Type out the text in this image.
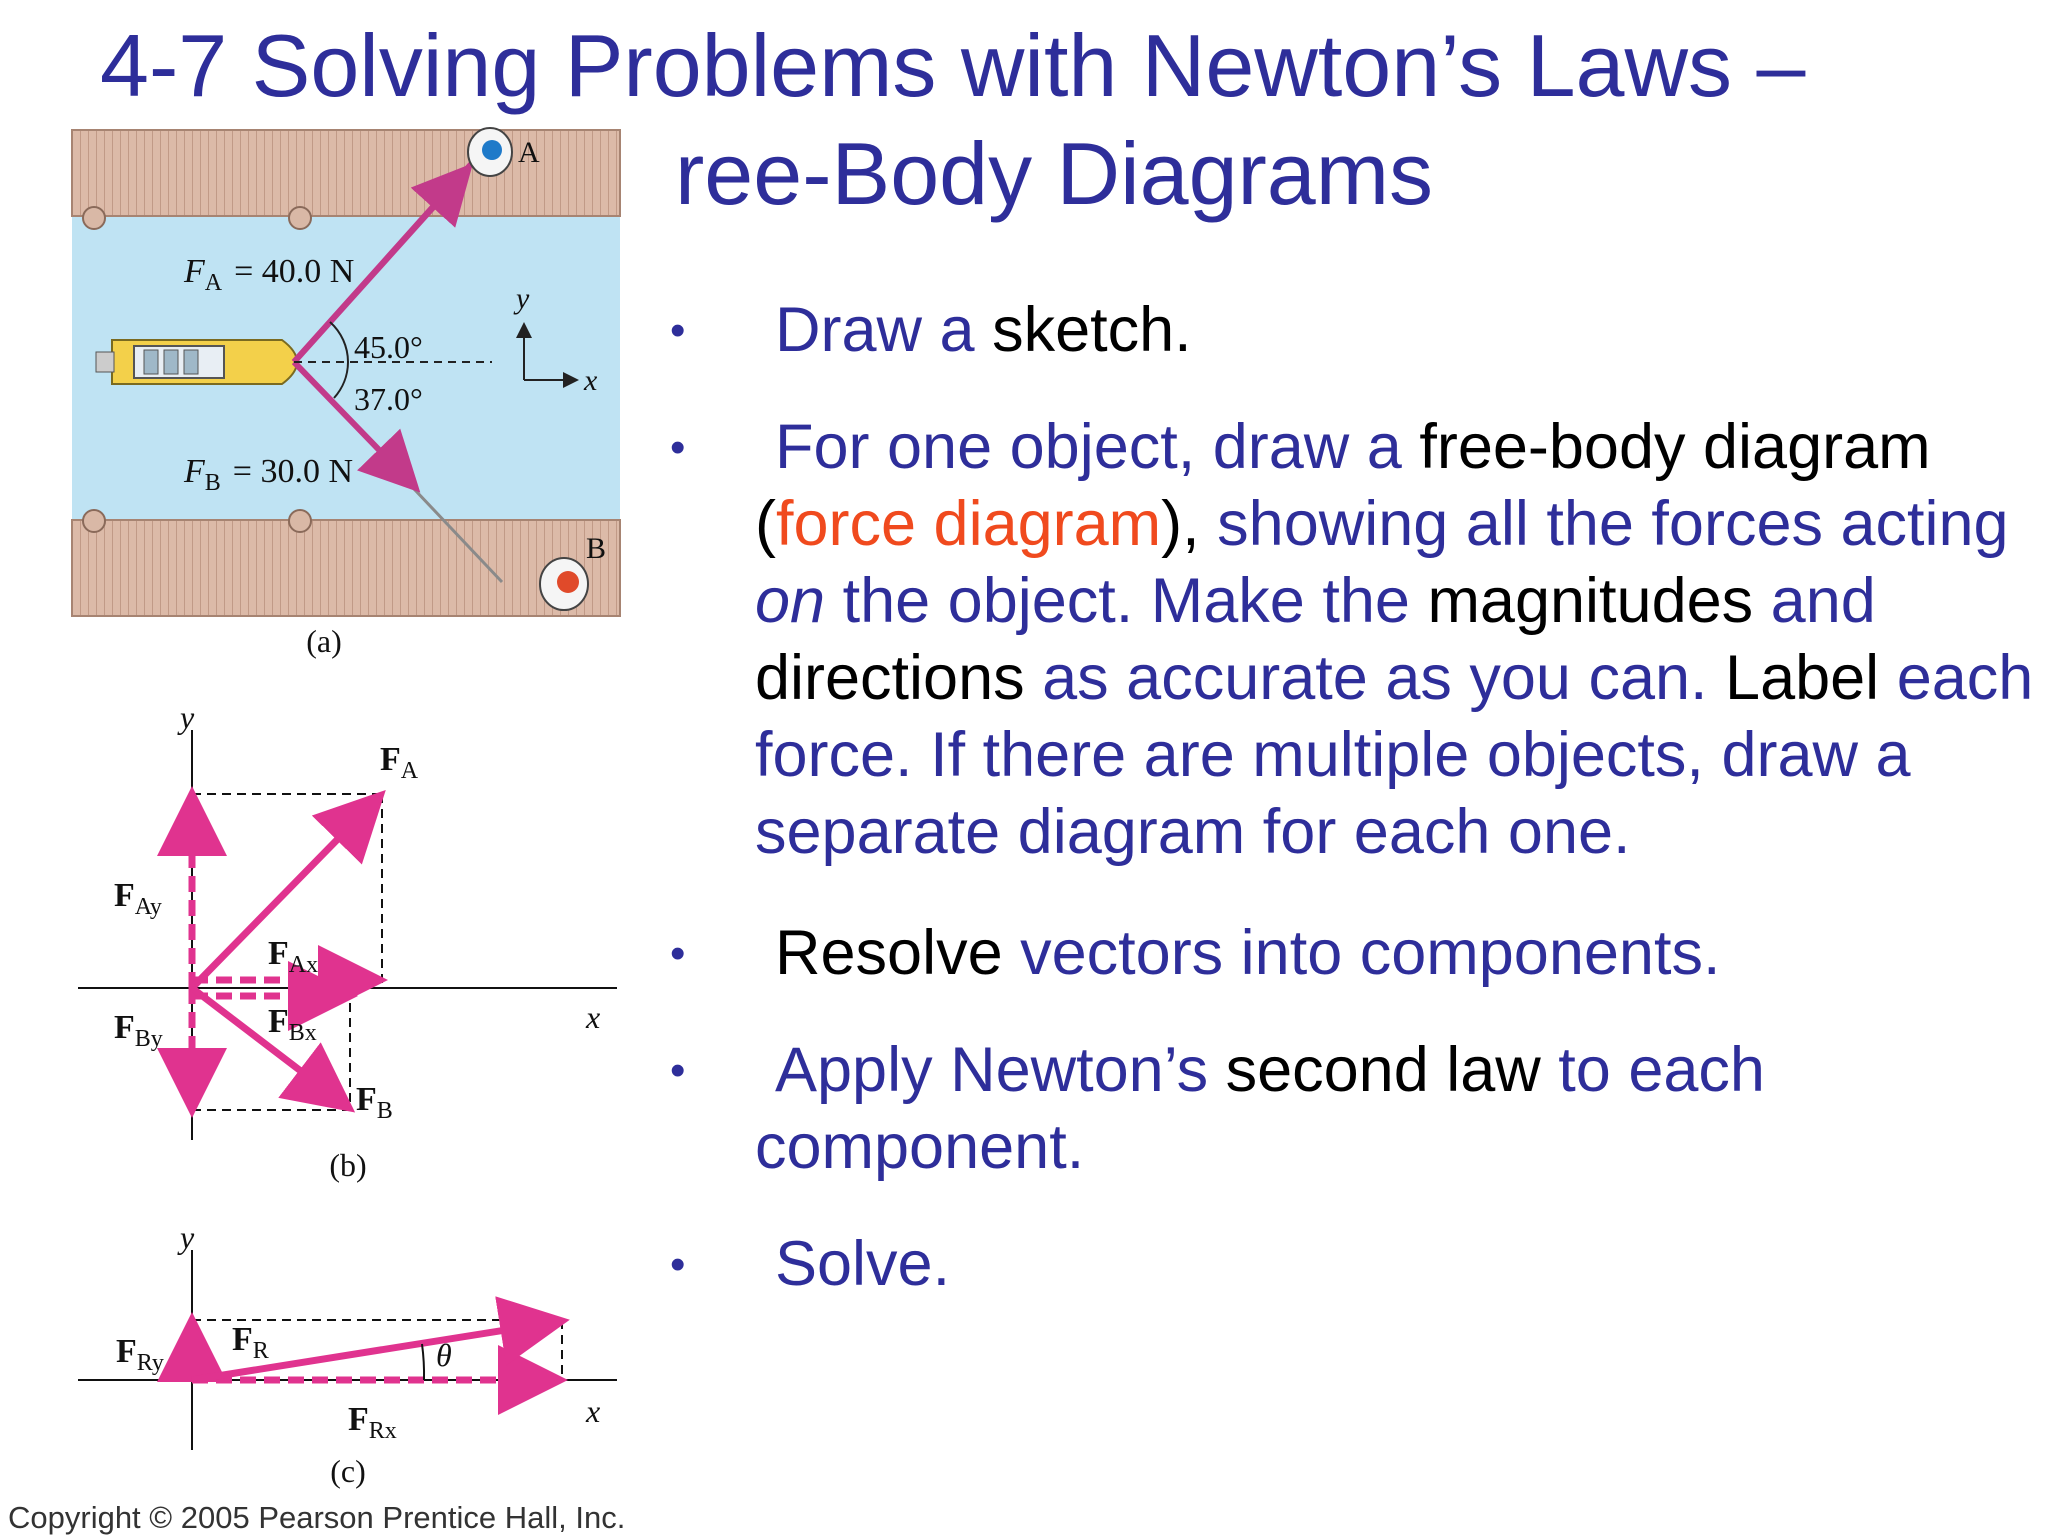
4-7 Solving Problems with Newton’s Laws –
ree-Body Diagrams
$F_A = 40.0$ N
$F_B = 30.0$ N
45.0°
37.0°
y
x
A
B
(a)
y
x
$F_A$
$F_{Ay}$
$F_{Ax}$
$F_{By}$	$F_{Bx}$
$F_B$
(b)
y
x
$F_{Ry}$
$F_R$	θ
$F_{Rx}$
(c)
Copyright © 2005 Pearson Prentice Hall, Inc.
• Draw a sketch.
• For one object, draw a free-body diagram (force diagram), showing all the forces acting on the object. Make the magnitudes and directions as accurate as you can. Label each force. If there are multiple objects, draw a separate diagram for each one.
• Resolve vectors into components.
• Apply Newton’s second law to each component.
• Solve.
